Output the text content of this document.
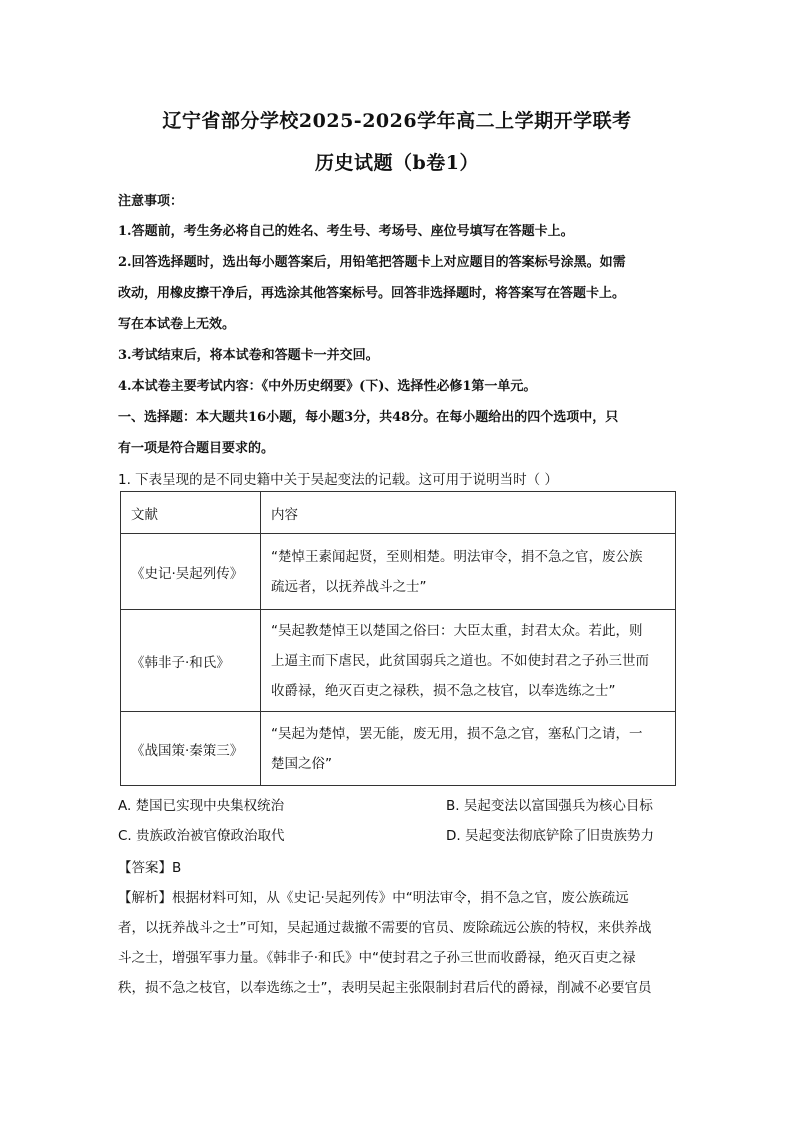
辽宁省部分学校2025-2026学年高二上学期开学联考
历史试题（b卷1）
注意事项：
1.答题前，考生务必将自己的姓名、考生号、考场号、座位号填写在答题卡上。
2.回答选择题时，选出每小题答案后，用铅笔把答题卡上对应题目的答案标号涂黑。如需
改动，用橡皮擦干净后，再选涂其他答案标号。回答非选择题时，将答案写在答题卡上。
写在本试卷上无效。
3.考试结束后，将本试卷和答题卡一并交回。
4.本试卷主要考试内容：《中外历史纲要》(下)、选择性必修1第一单元。
一、选择题：本大题共16小题，每小题3分，共48分。在每小题给出的四个选项中，只
有一项是符合题目要求的。
1. 下表呈现的是不同史籍中关于吴起变法的记载。这可用于说明当时（ ）
文献	内容
《史记·吴起列传》	“楚悼王素闻起贤，至则相楚。明法审令，捐不急之官，废公族
疏远者，以抚养战斗之士”

《韩非子·和氏》	“吴起教楚悼王以楚国之俗曰：大臣太重，封君太众。若此，则
上逼主而下虐民，此贫国弱兵之道也。不如使封君之子孙三世而
收爵禄，绝灭百吏之禄秩，损不急之枝官，以奉选练之士”

《战国策·秦策三》	“吴起为楚悼，罢无能，废无用，损不急之官，塞私门之请，一
楚国之俗”
A. 楚国已实现中央集权统治	B. 吴起变法以富国强兵为核心目标
C. 贵族政治被官僚政治取代	D. 吴起变法彻底铲除了旧贵族势力
【答案】B
【解析】根据材料可知，从《史记·吴起列传》中“明法审令，捐不急之官，废公族疏远
者，以抚养战斗之士”可知，吴起通过裁撤不需要的官员、废除疏远公族的特权，来供养战
斗之士，增强军事力量。《韩非子·和氏》中“使封君之子孙三世而收爵禄，绝灭百吏之禄
秩，损不急之枝官，以奉选练之士”，表明吴起主张限制封君后代的爵禄，削减不必要官员
